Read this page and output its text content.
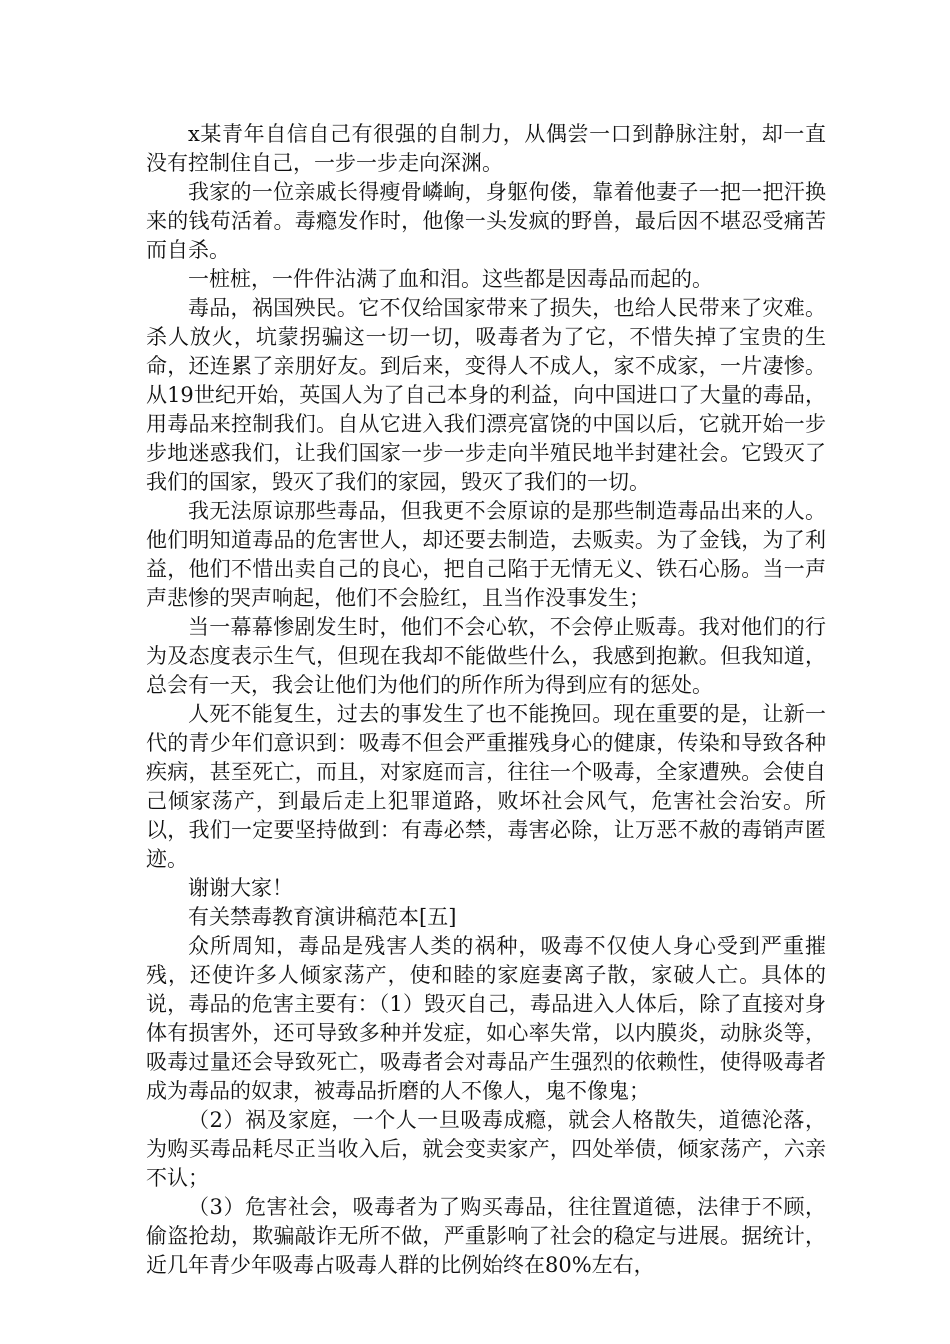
x某青年自信自己有很强的自制力，从偶尝一口到静脉注射，却一直没有控制住自己，一步一步走向深渊。

我家的一位亲戚长得瘦骨嶙峋，身躯佝偻，靠着他妻子一把一把汗换来的钱苟活着。毒瘾发作时，他像一头发疯的野兽，最后因不堪忍受痛苦而自杀。

一桩桩，一件件沾满了血和泪。这些都是因毒品而起的。

毒品，祸国殃民。它不仅给国家带来了损失，也给人民带来了灾难。杀人放火，坑蒙拐骗这一切一切，吸毒者为了它，不惜失掉了宝贵的生命，还连累了亲朋好友。到后来，变得人不成人，家不成家，一片凄惨。从19世纪开始，英国人为了自己本身的利益，向中国进口了大量的毒品，用毒品来控制我们。自从它进入我们漂亮富饶的中国以后，它就开始一步步地迷惑我们，让我们国家一步一步走向半殖民地半封建社会。它毁灭了我们的国家，毁灭了我们的家园，毁灭了我们的一切。

我无法原谅那些毒品，但我更不会原谅的是那些制造毒品出来的人。他们明知道毒品的危害世人，却还要去制造，去贩卖。为了金钱，为了利益，他们不惜出卖自己的良心，把自己陷于无情无义、铁石心肠。当一声声悲惨的哭声响起，他们不会脸红，且当作没事发生；

当一幕幕惨剧发生时，他们不会心软，不会停止贩毒。我对他们的行为及态度表示生气，但现在我却不能做些什么，我感到抱歉。但我知道，总会有一天，我会让他们为他们的所作所为得到应有的惩处。

人死不能复生，过去的事发生了也不能挽回。现在重要的是，让新一代的青少年们意识到：吸毒不但会严重摧残身心的健康，传染和导致各种疾病，甚至死亡，而且，对家庭而言，往往一个吸毒，全家遭殃。会使自己倾家荡产，到最后走上犯罪道路，败坏社会风气，危害社会治安。所以，我们一定要坚持做到：有毒必禁，毒害必除，让万恶不赦的毒销声匿迹。

谢谢大家！

有关禁毒教育演讲稿范本[五]

众所周知，毒品是残害人类的祸种，吸毒不仅使人身心受到严重摧残，还使许多人倾家荡产，使和睦的家庭妻离子散，家破人亡。具体的说，毒品的危害主要有：（1）毁灭自己，毒品进入人体后，除了直接对身体有损害外，还可导致多种并发症，如心率失常，以内膜炎，动脉炎等，吸毒过量还会导致死亡，吸毒者会对毒品产生强烈的依赖性，使得吸毒者成为毒品的奴隶，被毒品折磨的人不像人，鬼不像鬼；

（2）祸及家庭，一个人一旦吸毒成瘾，就会人格散失，道德沦落，为购买毒品耗尽正当收入后，就会变卖家产，四处举债，倾家荡产，六亲不认；

（3）危害社会，吸毒者为了购买毒品，往往置道德，法律于不顾，偷盗抢劫，欺骗敲诈无所不做，严重影响了社会的稳定与进展。据统计，近几年青少年吸毒占吸毒人群的比例始终在80%左右，
